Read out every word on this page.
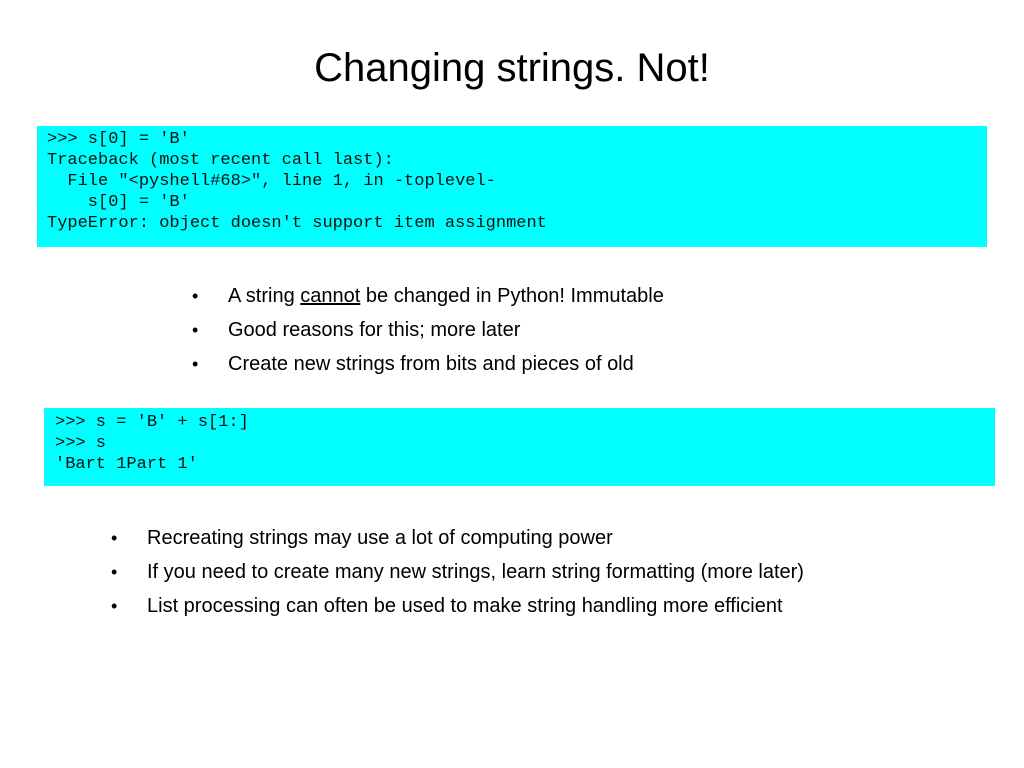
Changing strings. Not!
>>> s[0] = 'B'
Traceback (most recent call last):
File "<pyshell#68>", line 1, in -toplevel-
s[0] = 'B'
TypeError: object doesn't support item assignment
• A string cannot be changed in Python! Immutable
• Good reasons for this; more later
• Create new strings from bits and pieces of old
>>> s = 'B' + s[1:]
>>> s
'Bart 1Part 1'
• Recreating strings may use a lot of computing power
• If you need to create many new strings, learn string formatting (more later)
• List processing can often be used to make string handling more efficient
